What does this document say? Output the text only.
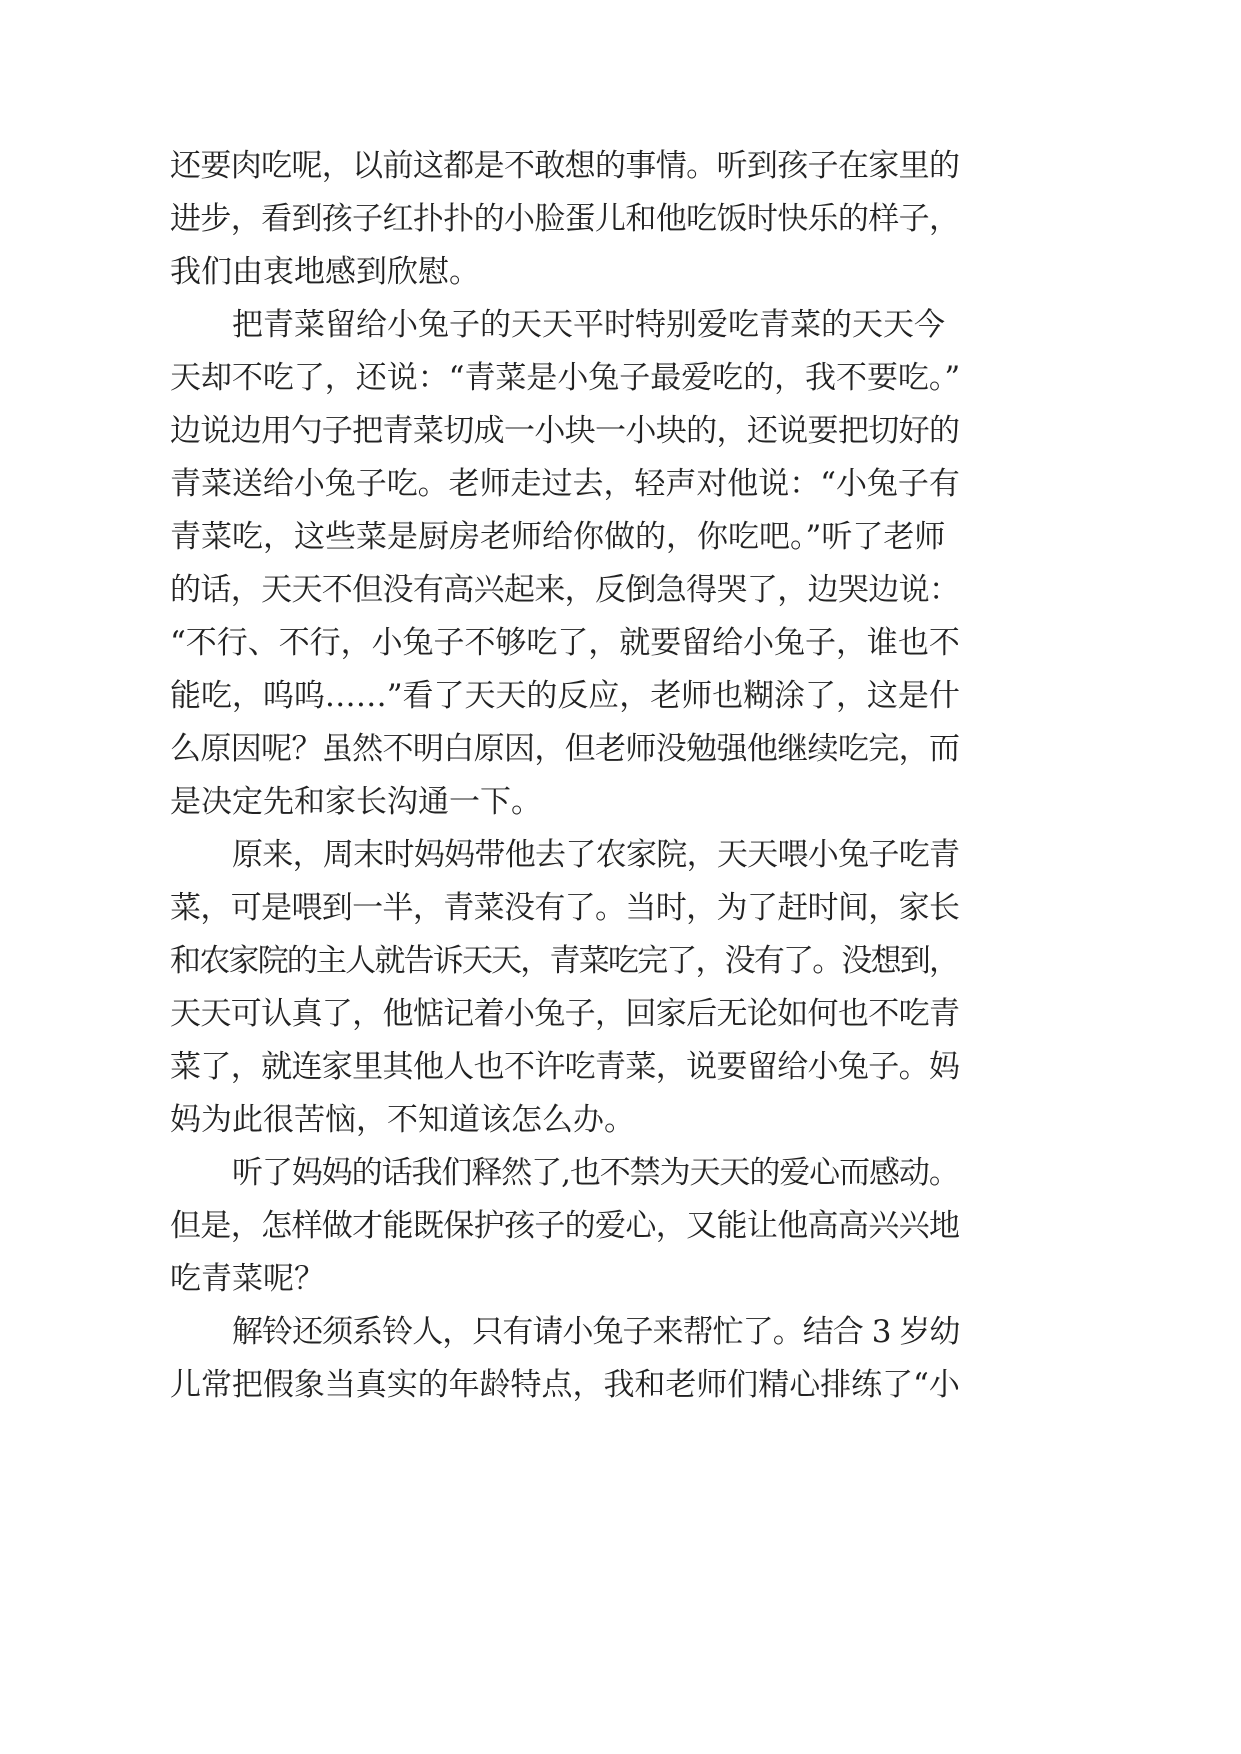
还要肉吃呢，以前这都是不敢想的事情。听到孩子在家里的
进步，看到孩子红扑扑的小脸蛋儿和他吃饭时快乐的样子，
我们由衷地感到欣慰。
把青菜留给小兔子的天天平时特别爱吃青菜的天天今
天却不吃了，还说：“青菜是小兔子最爱吃的，我不要吃。”
边说边用勺子把青菜切成一小块一小块的，还说要把切好的
青菜送给小兔子吃。老师走过去，轻声对他说：“小兔子有
青菜吃，这些菜是厨房老师给你做的，你吃吧。”听了老师
的话，天天不但没有高兴起来，反倒急得哭了，边哭边说：
“不行、不行，小兔子不够吃了，就要留给小兔子，谁也不
能吃，呜呜……”看了天天的反应，老师也糊涂了，这是什
么原因呢？虽然不明白原因，但老师没勉强他继续吃完，而
是决定先和家长沟通一下。
原来，周末时妈妈带他去了农家院，天天喂小兔子吃青
菜，可是喂到一半，青菜没有了。当时，为了赶时间，家长
和农家院的主人就告诉天天，青菜吃完了，没有了。没想到，
天天可认真了，他惦记着小兔子，回家后无论如何也不吃青
菜了，就连家里其他人也不许吃青菜，说要留给小兔子。妈
妈为此很苦恼，不知道该怎么办。
听了妈妈的话我们释然了,也不禁为天天的爱心而感动。
但是，怎样做才能既保护孩子的爱心，又能让他高高兴兴地
吃青菜呢？
解铃还须系铃人，只有请小兔子来帮忙了。结合 3 岁幼
儿常把假象当真实的年龄特点，我和老师们精心排练了“小
